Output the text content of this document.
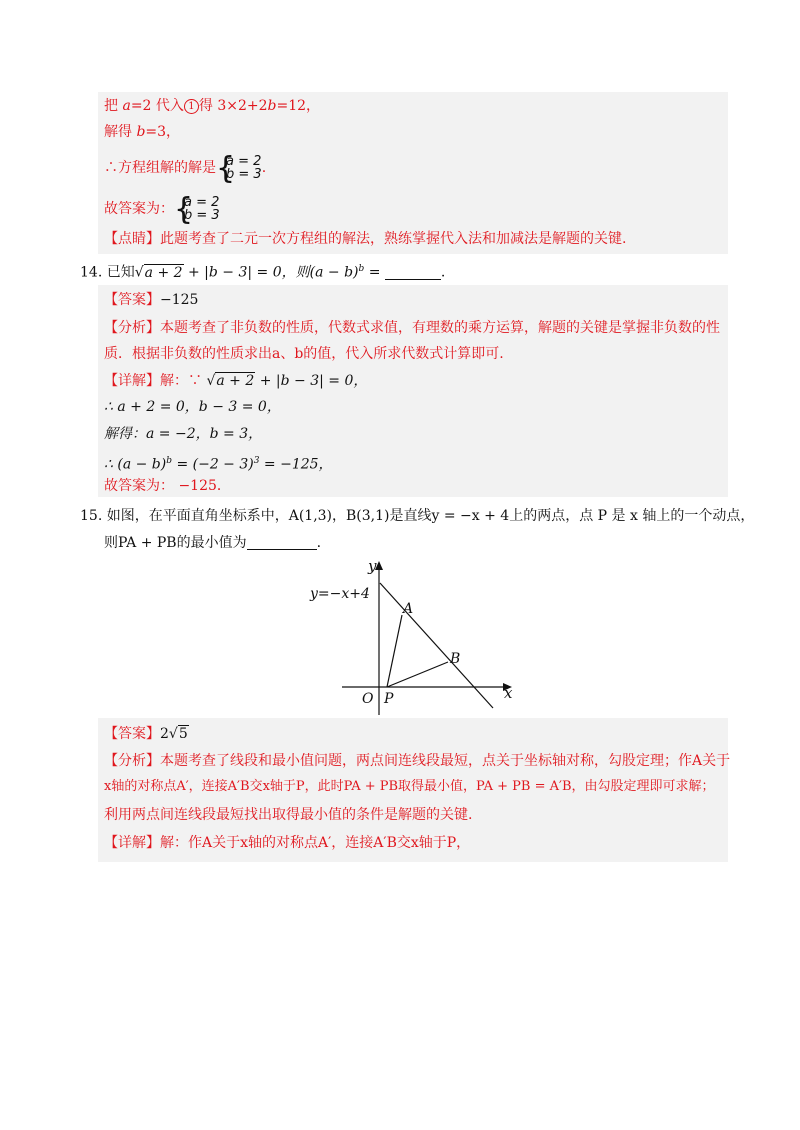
把 a=2 代入 1 得 3×2+2b=12，
解得 b=3，
∴方程组解的解是 {
a = 2
b = 3 .
故答案为： {
a = 2
b = 3
【点睛】此题考查了二元一次方程组的解法，熟练掌握代入法和加减法是解题的关键.
14. 已知√a + 2 + |b − 3| = 0，则$(a - b)^b$ =	.
【答案】−125
【分析】本题考查了非负数的性质，代数式求值，有理数的乘方运算，解题的关键是掌握非负数的性
质．根据非负数的性质求出a、b的值，代入所求代数式计算即可.
【详解】解：∵ √a + 2 + |b − 3| = 0，
∴ a + 2 = 0，b − 3 = 0，
解得：a = −2，b = 3，
∴ $(a - b)^b = (-2 - 3)^3 = -125$，
故答案为： −125．
15. 如图，在平面直角坐标系中，A(1,3)，B(3,1)是直线y = −x + 4上的两点，点 P 是 x 轴上的一个动点，
则PA + PB的最小值为	.
y=−x+4
y
x
O P
A
B
【答案】2√5
【分析】本题考查了线段和最小值问题，两点间连线段最短，点关于坐标轴对称，勾股定理；作A关于
x轴的对称点A′，连接A′B交x轴于P，此时PA + PB取得最小值，PA + PB = A′B，由勾股定理即可求解；
利用两点间连线段最短找出取得最小值的条件是解题的关键.
【详解】解：作A关于x轴的对称点A′，连接A′B交x轴于P，
